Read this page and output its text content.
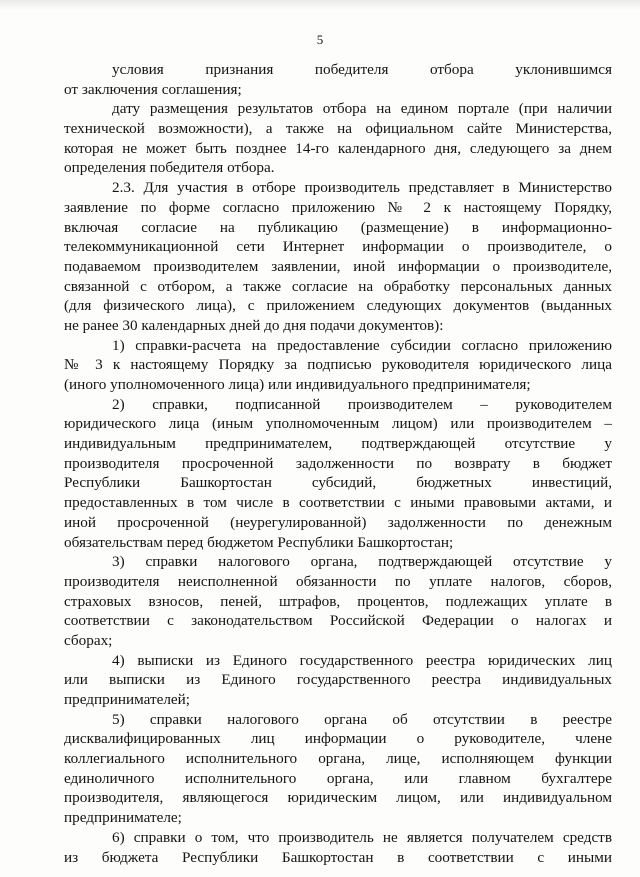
5
условия признания победителя отбора уклонившимся
от заключения соглашения;
дату размещения результатов отбора на едином портале (при наличии
технической возможности), а также на официальном сайте Министерства,
которая не может быть позднее 14-го календарного дня, следующего за днем
определения победителя отбора.
2.3. Для участия в отборе производитель представляет в Министерство
заявление по форме согласно приложению № 2 к настоящему Порядку,
включая согласие на публикацию (размещение) в информационно-
телекоммуникационной сети Интернет информации о производителе, о
подаваемом производителем заявлении, иной информации о производителе,
связанной с отбором, а также согласие на обработку персональных данных
(для физического лица), с приложением следующих документов (выданных
не ранее 30 календарных дней до дня подачи документов):
1) справки-расчета на предоставление субсидии согласно приложению
№ 3 к настоящему Порядку за подписью руководителя юридического лица
(иного уполномоченного лица) или индивидуального предпринимателя;
2) справки, подписанной производителем – руководителем
юридического лица (иным уполномоченным лицом) или производителем –
индивидуальным предпринимателем, подтверждающей отсутствие у
производителя просроченной задолженности по возврату в бюджет
Республики Башкортостан субсидий, бюджетных инвестиций,
предоставленных в том числе в соответствии с иными правовыми актами, и
иной просроченной (неурегулированной) задолженности по денежным
обязательствам перед бюджетом Республики Башкортостан;
3) справки налогового органа, подтверждающей отсутствие у
производителя неисполненной обязанности по уплате налогов, сборов,
страховых взносов, пеней, штрафов, процентов, подлежащих уплате в
соответствии с законодательством Российской Федерации о налогах и
сборах;
4) выписки из Единого государственного реестра юридических лиц
или выписки из Единого государственного реестра индивидуальных
предпринимателей;
5) справки налогового органа об отсутствии в реестре
дисквалифицированных лиц информации о руководителе, члене
коллегиального исполнительного органа, лице, исполняющем функции
единоличного исполнительного органа, или главном бухгалтере
производителя, являющегося юридическим лицом, или индивидуальном
предпринимателе;
6) справки о том, что производитель не является получателем средств
из бюджета Республики Башкортостан в соответствии с иными
